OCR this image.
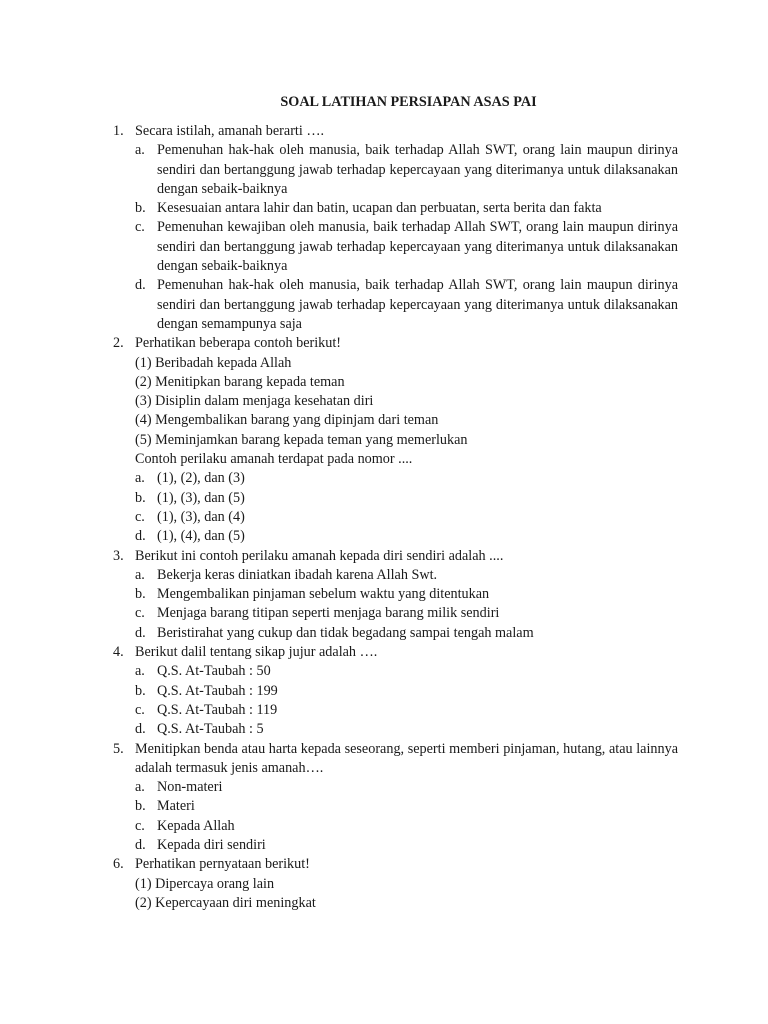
SOAL LATIHAN PERSIAPAN ASAS PAI
1. Secara istilah, amanah berarti ….
a. Pemenuhan hak-hak oleh manusia, baik terhadap Allah SWT, orang lain maupun dirinya sendiri dan bertanggung jawab terhadap kepercayaan yang diterimanya untuk dilaksanakan dengan sebaik-baiknya
b. Kesesuaian antara lahir dan batin, ucapan dan perbuatan, serta berita dan fakta
c. Pemenuhan kewajiban oleh manusia, baik terhadap Allah SWT, orang lain maupun dirinya sendiri dan bertanggung jawab terhadap kepercayaan yang diterimanya untuk dilaksanakan dengan sebaik-baiknya
d. Pemenuhan hak-hak oleh manusia, baik terhadap Allah SWT, orang lain maupun dirinya sendiri dan bertanggung jawab terhadap kepercayaan yang diterimanya untuk dilaksanakan dengan semampunya saja
2. Perhatikan beberapa contoh berikut!
(1) Beribadah kepada Allah
(2) Menitipkan barang kepada teman
(3) Disiplin dalam menjaga kesehatan diri
(4) Mengembalikan barang yang dipinjam dari teman
(5) Meminjamkan barang kepada teman yang memerlukan
Contoh perilaku amanah terdapat pada nomor ....
a. (1), (2), dan (3)
b. (1), (3), dan (5)
c. (1), (3), dan (4)
d. (1), (4), dan (5)
3. Berikut ini contoh perilaku amanah kepada diri sendiri adalah ....
a. Bekerja keras diniatkan ibadah karena Allah Swt.
b. Mengembalikan pinjaman sebelum waktu yang ditentukan
c. Menjaga barang titipan seperti menjaga barang milik sendiri
d. Beristirahat yang cukup dan tidak begadang sampai tengah malam
4. Berikut dalil tentang sikap jujur adalah ….
a. Q.S. At-Taubah : 50
b. Q.S. At-Taubah : 199
c. Q.S. At-Taubah : 119
d. Q.S. At-Taubah : 5
5. Menitipkan benda atau harta kepada seseorang, seperti memberi pinjaman, hutang, atau lainnya adalah termasuk jenis amanah….
a. Non-materi
b. Materi
c. Kepada Allah
d. Kepada diri sendiri
6. Perhatikan pernyataan berikut!
(1) Dipercaya orang lain
(2) Kepercayaan diri meningkat
